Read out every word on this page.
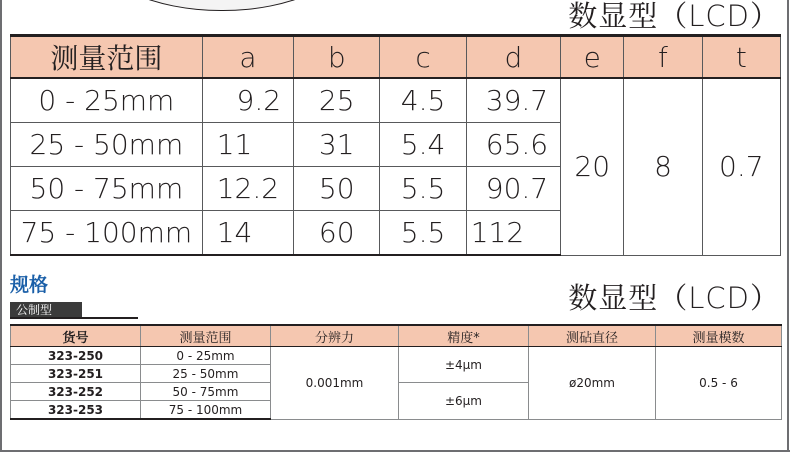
数显型（LCD）
测量范围	a	b	c	d	e	f	t
0 - 25mm	9.2	25	4.5	39.7	20	8	0.7
25 - 50mm	11	31	5.4	65.6			
50 - 75mm	12.2	50	5.5	90.7			
75 - 100mm	14	60	5.5	112			
规格
公制型	数显型（LCD）
货号	测量范围	分辨力	精度*	测砧直径	测量模数
323-250	0 - 25mm	0.001mm	±4μm	ø20mm	0.5 - 6
323-251	25 - 50mm				
323-252	50 - 75mm		±6μm		
323-253	75 - 100mm				
